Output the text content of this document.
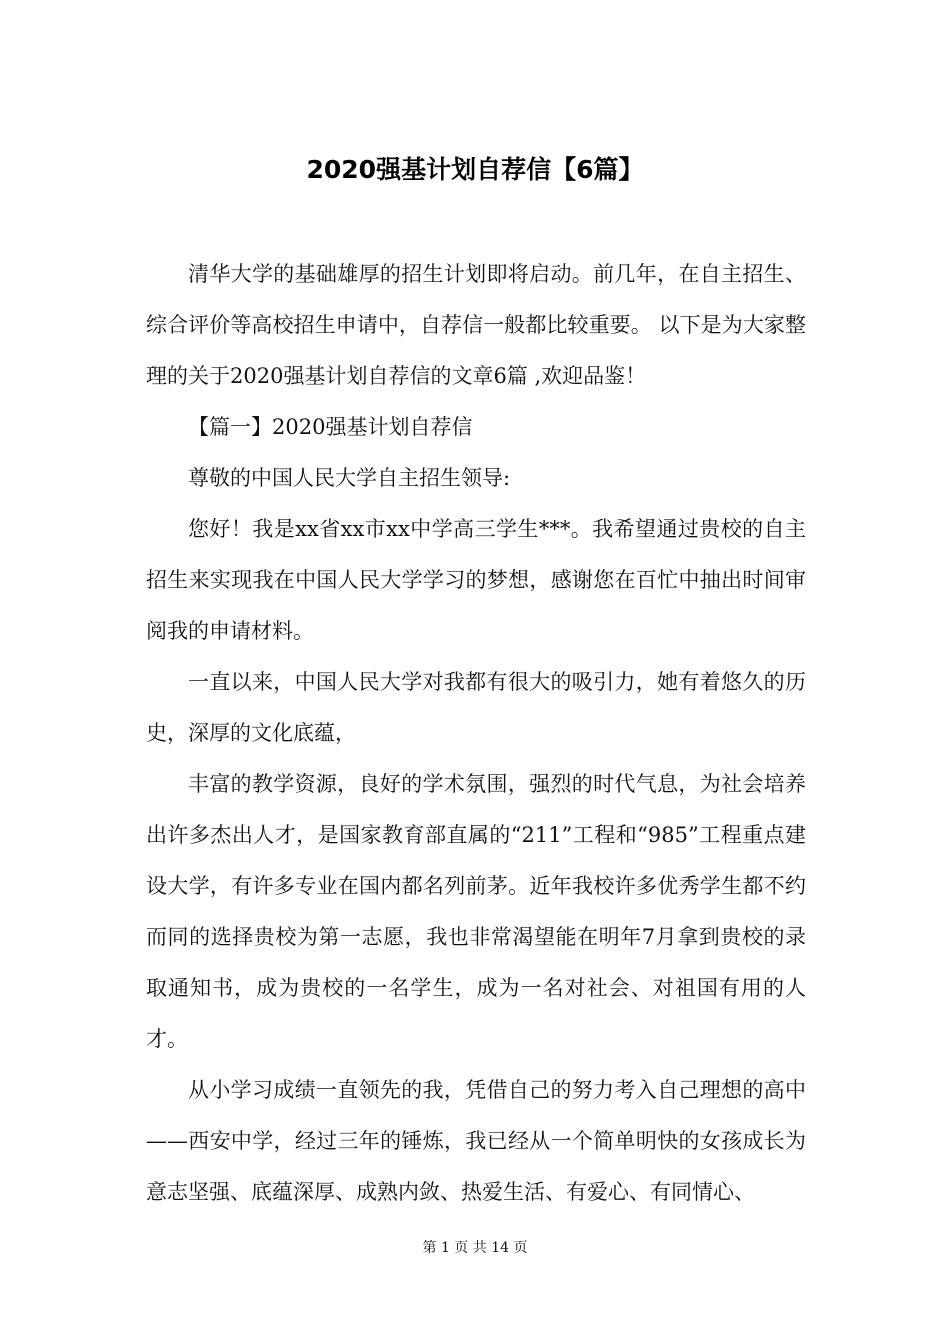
2020强基计划自荐信【6篇】

清华大学的基础雄厚的招生计划即将启动。前几年，在自主招生、综合评价等高校招生申请中，自荐信一般都比较重要。 以下是为大家整理的关于2020强基计划自荐信的文章6篇 ,欢迎品鉴！

【篇一】2020强基计划自荐信

尊敬的中国人民大学自主招生领导:

您好！我是xx省xx市xx中学高三学生***。我希望通过贵校的自主招生来实现我在中国人民大学学习的梦想，感谢您在百忙中抽出时间审阅我的申请材料。

一直以来，中国人民大学对我都有很大的吸引力，她有着悠久的历史，深厚的文化底蕴，

丰富的教学资源，良好的学术氛围，强烈的时代气息，为社会培养出许多杰出人才，是国家教育部直属的“211”工程和“985”工程重点建设大学，有许多专业在国内都名列前茅。近年我校许多优秀学生都不约而同的选择贵校为第一志愿，我也非常渴望能在明年7月拿到贵校的录取通知书，成为贵校的一名学生，成为一名对社会、对祖国有用的人才。

从小学习成绩一直领先的我，凭借自己的努力考入自己理想的高中——西安中学，经过三年的锤炼，我已经从一个简单明快的女孩成长为意志坚强、底蕴深厚、成熟内敛、热爱生活、有爱心、有同情心、

第 1 页 共 14 页
